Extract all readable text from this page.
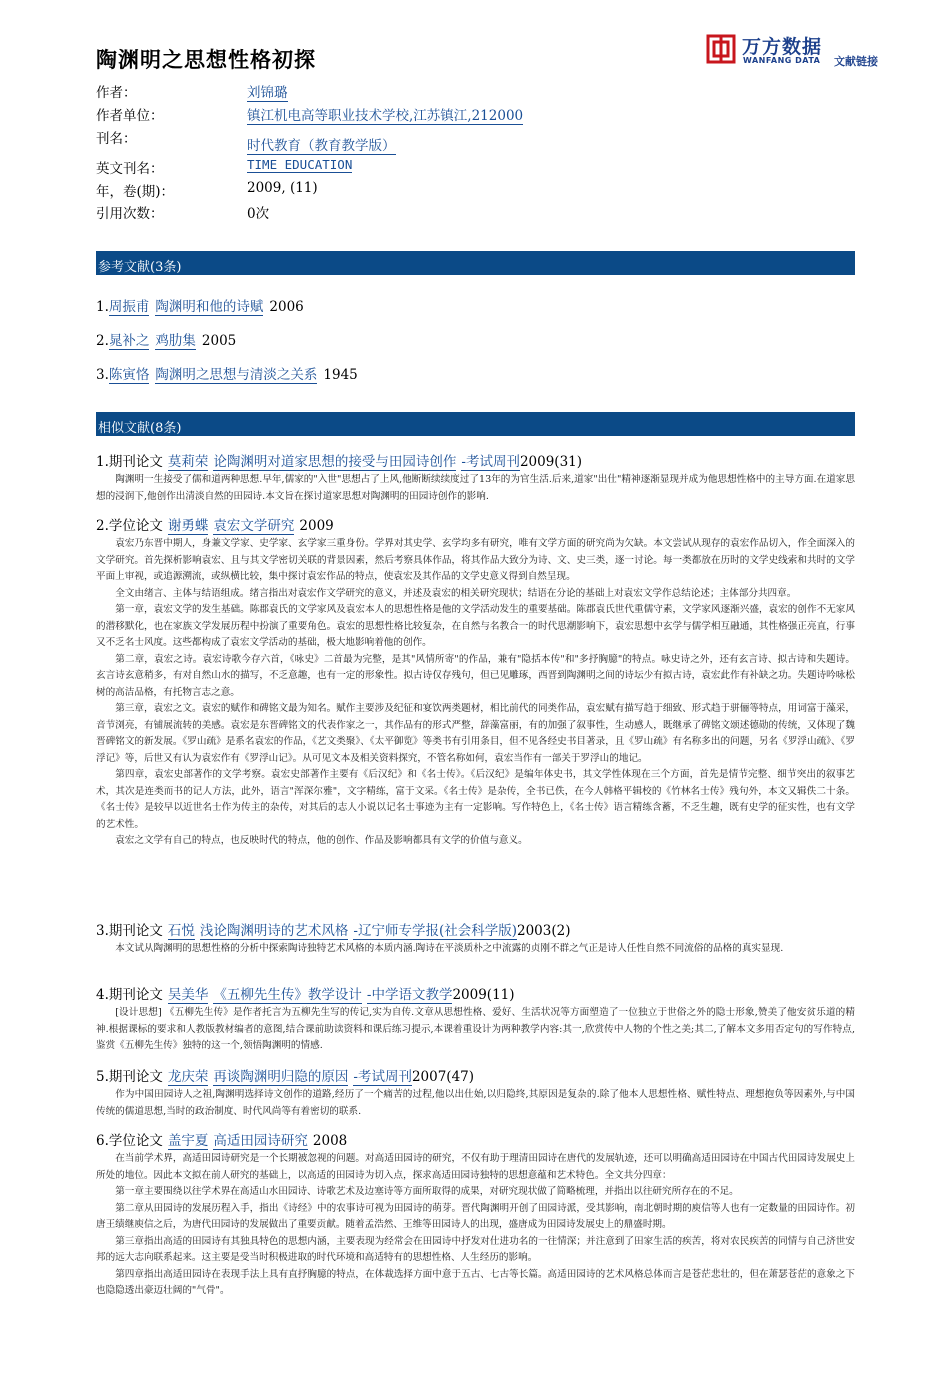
陶渊明之思想性格初探
万方数据
WANFANG DATA 文献链接
作者：	刘锦璐
作者单位：	镇江机电高等职业技术学校,江苏镇江,212000
刊名：	时代教育（教育教学版）
英文刊名：	TIME EDUCATION
年，卷(期)：	2009, (11)
引用次数：	0次
参考文献(3条)
1.周振甫 陶渊明和他的诗赋 2006
2.晁补之 鸡肋集 2005
3.陈寅恪 陶渊明之思想与清淡之关系 1945
相似文献(8条)
1.期刊论文 莫莉荣 论陶渊明对道家思想的接受与田园诗创作 -考试周刊2009(31)

陶渊明一生接受了儒和道两种思想.早年,儒家的"入世"思想占了上风,他断断续续度过了13年的为官生活.后来,道家"出仕"精神逐渐显现并成为他思想性格中的主导方面.在道家思想的浸润下,他创作出清淡自然的田园诗.本文旨在探讨道家思想对陶渊明的田园诗创作的影响.

2.学位论文 谢勇蝶 袁宏文学研究 2009

袁宏乃东晋中期人，身兼文学家、史学家、玄学家三重身份。学界对其史学、玄学均多有研究，唯有文学方面的研究尚为欠缺。本文尝试从现存的袁宏作品切入，作全面深入的文学研究。首先探析影响袁宏、且与其文学密切关联的背景因素，然后考察具体作品，将其作品大致分为诗、文、史三类，逐一讨论。每一类都放在历时的文学史线索和共时的文学平面上审视，或追源溯流，或纵横比较，集中探讨袁宏作品的特点，使袁宏及其作品的文学史意义得到自然呈现。

全文由绪言、主体与结语组成。绪言指出对袁宏作文学研究的意义，并述及袁宏的相关研究现状；结语在分论的基础上对袁宏文学作总结论述；主体部分共四章。

第一章，袁宏文学的发生基础。陈郡袁氏的文学家风及袁宏本人的思想性格是他的文学活动发生的重要基础。陈郡袁氏世代重儒守素，文学家风逐渐兴盛，袁宏的创作不无家风的潜移默化，也在家族文学发展历程中扮演了重要角色。袁宏的思想性格比较复杂，在自然与名教合一的时代思潮影响下，袁宏思想中玄学与儒学相互融通，其性格强正亮直，行事又不乏名士风度。这些都构成了袁宏文学活动的基础，极大地影响着他的创作。

第二章，袁宏之诗。袁宏诗歌今存六首，《咏史》二首最为完整，是其"风情所寄"的作品，兼有"隐括本传"和"多抒胸臆"的特点。咏史诗之外，还有玄言诗、拟古诗和失题诗。玄言诗玄意稍多，有对自然山水的描写，不乏意趣，也有一定的形象性。拟古诗仅存残句，但已见雕琢，西晋到陶渊明之间的诗坛少有拟古诗，袁宏此作有补缺之功。失题诗吟咏松树的高洁品格，有托物言志之意。

第三章，袁宏之文。袁宏的赋作和碑铭文最为知名。赋作主要涉及纪征和宴饮两类题材，相比前代的同类作品，袁宏赋有描写趋于细致、形式趋于骈俪等特点，用词富于藻采，音节浏亮，有铺展流转的美感。袁宏是东晋碑铭文的代表作家之一，其作品有的形式严整，辞藻富丽，有的加强了叙事性，生动感人，既继承了碑铭文颂述德勋的传统，又体现了魏晋碑铭文的新发展。《罗山疏》是系名袁宏的作品，《艺文类聚》、《太平御览》等类书有引用条目，但不见各经史书目著录，且《罗山疏》有名称多出的问题，另名《罗浮山疏》、《罗浮记》等，后世又有认为袁宏作有《罗浮山记》。从可见文本及相关资料探究，不管名称如何，袁宏当作有一部关于罗浮山的地记。

第四章，袁宏史部著作的文学考察。袁宏史部著作主要有《后汉纪》和《名士传》。《后汉纪》是编年体史书，其文学性体现在三个方面，首先是情节完整、细节突出的叙事艺术，其次是连类而书的记人方法，此外，语言"浑深尔雅"，文字精练，富于文采。《名士传》是杂传，全书已佚，在今人韩格平辑校的《竹林名士传》残句外，本文又辑佚二十条。《名士传》是较早以近世名士作为传主的杂传，对其后的志人小说以记名士事迹为主有一定影响。写作特色上，《名士传》语言精练含蓄，不乏生趣，既有史学的征实性，也有文学的艺术性。

袁宏之文学有自己的特点，也反映时代的特点，他的创作、作品及影响都具有文学的价值与意义。

3.期刊论文 石悦 浅论陶渊明诗的艺术风格 -辽宁师专学报(社会科学版)2003(2)

本文试从陶渊明的思想性格的分析中探索陶诗独特艺术风格的本质内涵.陶诗在平淡质朴之中流露的贞刚不群之气正是诗人任性自然不同流俗的品格的真实显现.

4.期刊论文 吴美华 《五柳先生传》教学设计 -中学语文教学2009(11)

[设计思想] 《五柳先生传》是作者托言为五柳先生写的传记,实为自传.文章从思想性格、爱好、生活状况等方面塑造了一位独立于世俗之外的隐士形象,赞美了他安贫乐道的精神.根据课标的要求和人教版教材编者的意图,结合课前助读资料和课后练习提示,本课着重设计为两种教学内容:其一,欣赏传中人物的个性之美;其二,了解本文多用否定句的写作特点,鉴赏《五柳先生传》独特的这一个,领悟陶渊明的情感.

5.期刊论文 龙庆荣 再谈陶渊明归隐的原因 -考试周刊2007(47)

作为中国田园诗人之祖,陶渊明选择诗文创作的道路,经历了一个痛苦的过程,他以出仕始,以归隐终,其原因是复杂的.除了他本人思想性格、赋性特点、理想抱负等因素外,与中国传统的儒道思想,当时的政治制度、时代风尚等有着密切的联系.

6.学位论文 盖宇夏 高适田园诗研究 2008

在当前学术界，高适田园诗研究是一个长期被忽视的问题。对高适田园诗的研究，不仅有助于理清田园诗在唐代的发展轨迹，还可以明确高适田园诗在中国古代田园诗发展史上所处的地位。因此本文拟在前人研究的基础上，以高适的田园诗为切入点，探求高适田园诗独特的思想意蕴和艺术特色。全文共分四章：

第一章主要围绕以往学术界在高适山水田园诗、诗歌艺术及边塞诗等方面所取得的成果，对研究现状做了简略梳理，并指出以往研究所存在的不足。

第二章从田园诗的发展历程入手，指出《诗经》中的农事诗可视为田园诗的萌芽。晋代陶渊明开创了田园诗派，受其影响，南北朝时期的庾信等人也有一定数量的田园诗作。初唐王绩继庾信之后，为唐代田园诗的发展做出了重要贡献。随着孟浩然、王维等田园诗人的出现，盛唐成为田园诗发展史上的鼎盛时期。

第三章指出高适的田园诗有其独具特色的思想内涵，主要表现为经常会在田园诗中抒发对仕进功名的一往情深；并注意到了田家生活的疾苦，将对农民疾苦的同情与自己济世安邦的远大志向联系起来。这主要是受当时积极进取的时代环境和高适特有的思想性格、人生经历的影响。

第四章指出高适田园诗在表现手法上具有直抒胸臆的特点，在体裁选择方面中意于五古、七古等长篇。高适田园诗的艺术风格总体而言是苍茫悲壮的，但在萧瑟苍茫的意象之下也隐隐透出豪迈壮阔的"气骨"。
